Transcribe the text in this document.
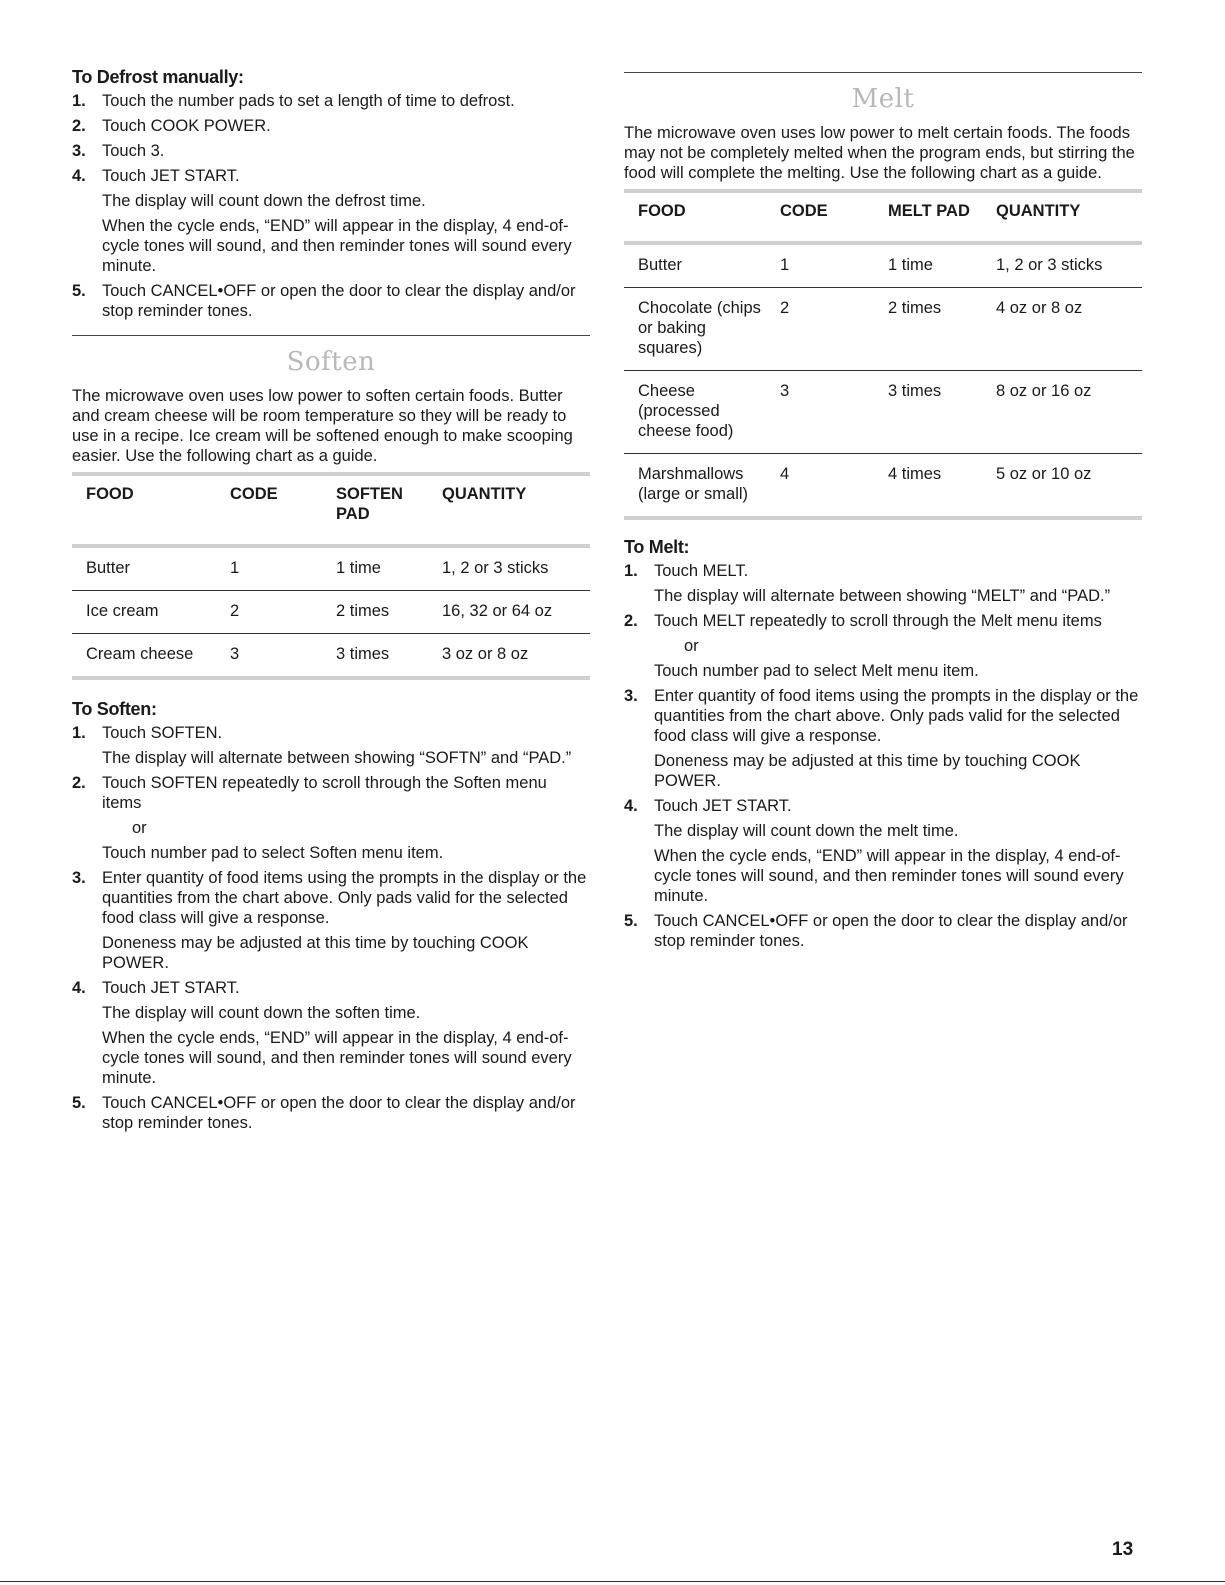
To Defrost manually:
1. Touch the number pads to set a length of time to defrost.
2. Touch COOK POWER.
3. Touch 3.
4. Touch JET START.
The display will count down the defrost time.
When the cycle ends, “END” will appear in the display, 4 end-of-cycle tones will sound, and then reminder tones will sound every minute.
5. Touch CANCEL•OFF or open the door to clear the display and/or stop reminder tones.
Soften

The microwave oven uses low power to soften certain foods. Butter and cream cheese will be room temperature so they will be ready to use in a recipe. Ice cream will be softened enough to make scooping easier. Use the following chart as a guide.

FOOD	CODE	SOFTEN PAD	QUANTITY
Butter	1	1 time	1, 2 or 3 sticks
Ice cream	2	2 times	16, 32 or 64 oz
Cream cheese	3	3 times	3 oz or 8 oz
To Soften:
1. Touch SOFTEN.
The display will alternate between showing “SOFTN” and “PAD.”
2. Touch SOFTEN repeatedly to scroll through the Soften menu items
or
Touch number pad to select Soften menu item.
3. Enter quantity of food items using the prompts in the display or the quantities from the chart above. Only pads valid for the selected food class will give a response.
Doneness may be adjusted at this time by touching COOK POWER.
4. Touch JET START.
The display will count down the soften time.
When the cycle ends, “END” will appear in the display, 4 end-of-cycle tones will sound, and then reminder tones will sound every minute.
5. Touch CANCEL•OFF or open the door to clear the display and/or stop reminder tones.
Melt

The microwave oven uses low power to melt certain foods. The foods may not be completely melted when the program ends, but stirring the food will complete the melting. Use the following chart as a guide.

FOOD	CODE	MELT PAD	QUANTITY
Butter	1	1 time	1, 2 or 3 sticks
Chocolate (chips or baking squares)	2	2 times	4 oz or 8 oz
Cheese (processed cheese food)	3	3 times	8 oz or 16 oz
Marshmallows (large or small)	4	4 times	5 oz or 10 oz
To Melt:
1. Touch MELT.
The display will alternate between showing “MELT” and “PAD.”
2. Touch MELT repeatedly to scroll through the Melt menu items
or
Touch number pad to select Melt menu item.
3. Enter quantity of food items using the prompts in the display or the quantities from the chart above. Only pads valid for the selected food class will give a response.
Doneness may be adjusted at this time by touching COOK POWER.
4. Touch JET START.
The display will count down the melt time.
When the cycle ends, “END” will appear in the display, 4 end-of-cycle tones will sound, and then reminder tones will sound every minute.
5. Touch CANCEL•OFF or open the door to clear the display and/or stop reminder tones.
13
